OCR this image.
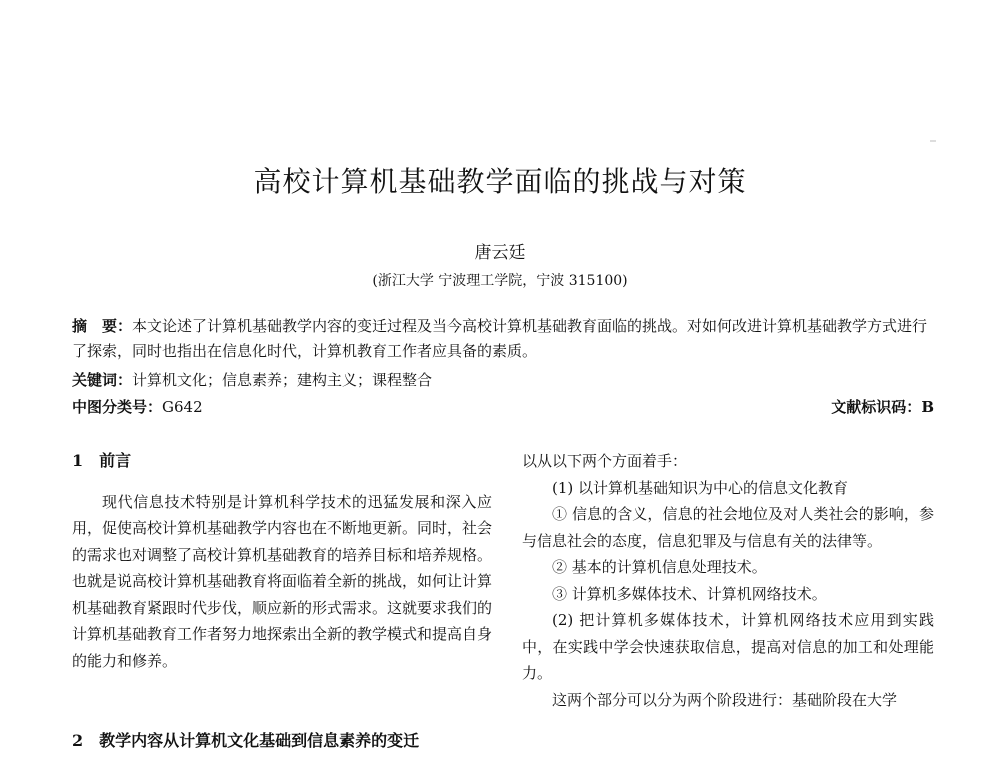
高校计算机基础教学面临的挑战与对策
唐云廷
(浙江大学 宁波理工学院，宁波 315100)
摘　要：本文论述了计算机基础教学内容的变迁过程及当今高校计算机基础教育面临的挑战。对如何改进计算机基础教学方式进行了探索，同时也指出在信息化时代，计算机教育工作者应具备的素质。
关键词：计算机文化；信息素养；建构主义；课程整合
中图分类号：G642	文献标识码：B

1　前言

现代信息技术特别是计算机科学技术的迅猛发展和深入应用，促使高校计算机基础教学内容也在不断地更新。同时，社会的需求也对调整了高校计算机基础教育的培养目标和培养规格。也就是说高校计算机基础教育将面临着全新的挑战，如何让计算机基础教育紧跟时代步伐，顺应新的形式需求。这就要求我们的计算机基础教育工作者努力地探索出全新的教学模式和提高自身的能力和修养。

2　教学内容从计算机文化基础到信息素养的变迁

以从以下两个方面着手：

(1) 以计算机基础知识为中心的信息文化教育

① 信息的含义，信息的社会地位及对人类社会的影响，参与信息社会的态度，信息犯罪及与信息有关的法律等。

② 基本的计算机信息处理技术。

③ 计算机多媒体技术、计算机网络技术。

(2) 把计算机多媒体技术，计算机网络技术应用到实践中，在实践中学会快速获取信息，提高对信息的加工和处理能力。

这两个部分可以分为两个阶段进行：基础阶段在大学
